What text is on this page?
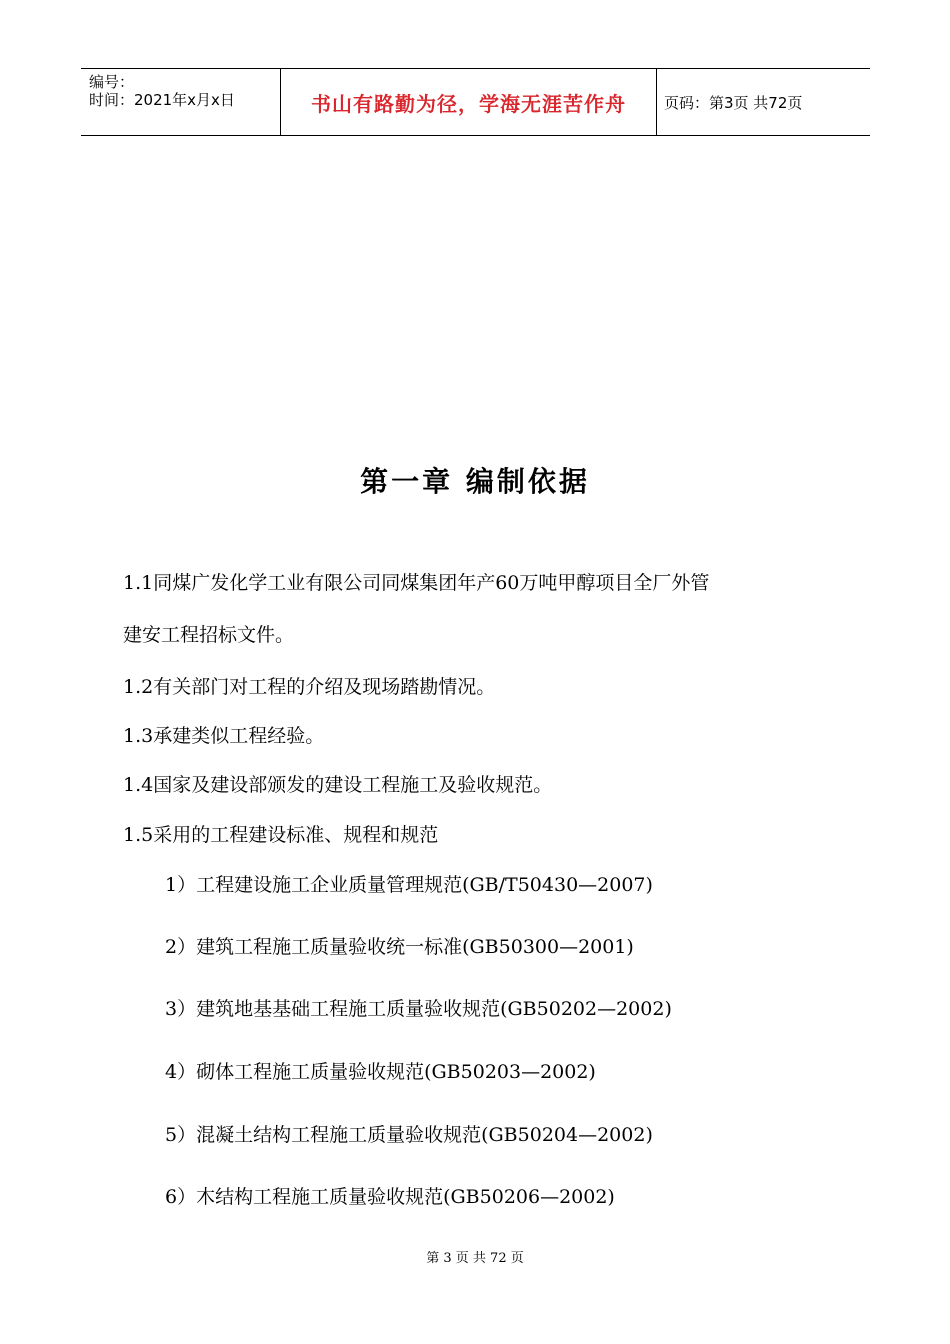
编号：
时间：2021年x月x日	书山有路勤为径，学海无涯苦作舟	页码：第3页 共72页
第一章 编制依据
1.1同煤广发化学工业有限公司同煤集团年产60万吨甲醇项目全厂外管
建安工程招标文件。
1.2有关部门对工程的介绍及现场踏勘情况。
1.3承建类似工程经验。
1.4国家及建设部颁发的建设工程施工及验收规范。
1.5采用的工程建设标准、规程和规范
1）工程建设施工企业质量管理规范(GB/T50430—2007)
2）建筑工程施工质量验收统一标准(GB50300—2001)
3）建筑地基基础工程施工质量验收规范(GB50202—2002)
4）砌体工程施工质量验收规范(GB50203—2002)
5）混凝土结构工程施工质量验收规范(GB50204—2002)
6）木结构工程施工质量验收规范(GB50206—2002)
第 3 页 共 72 页
